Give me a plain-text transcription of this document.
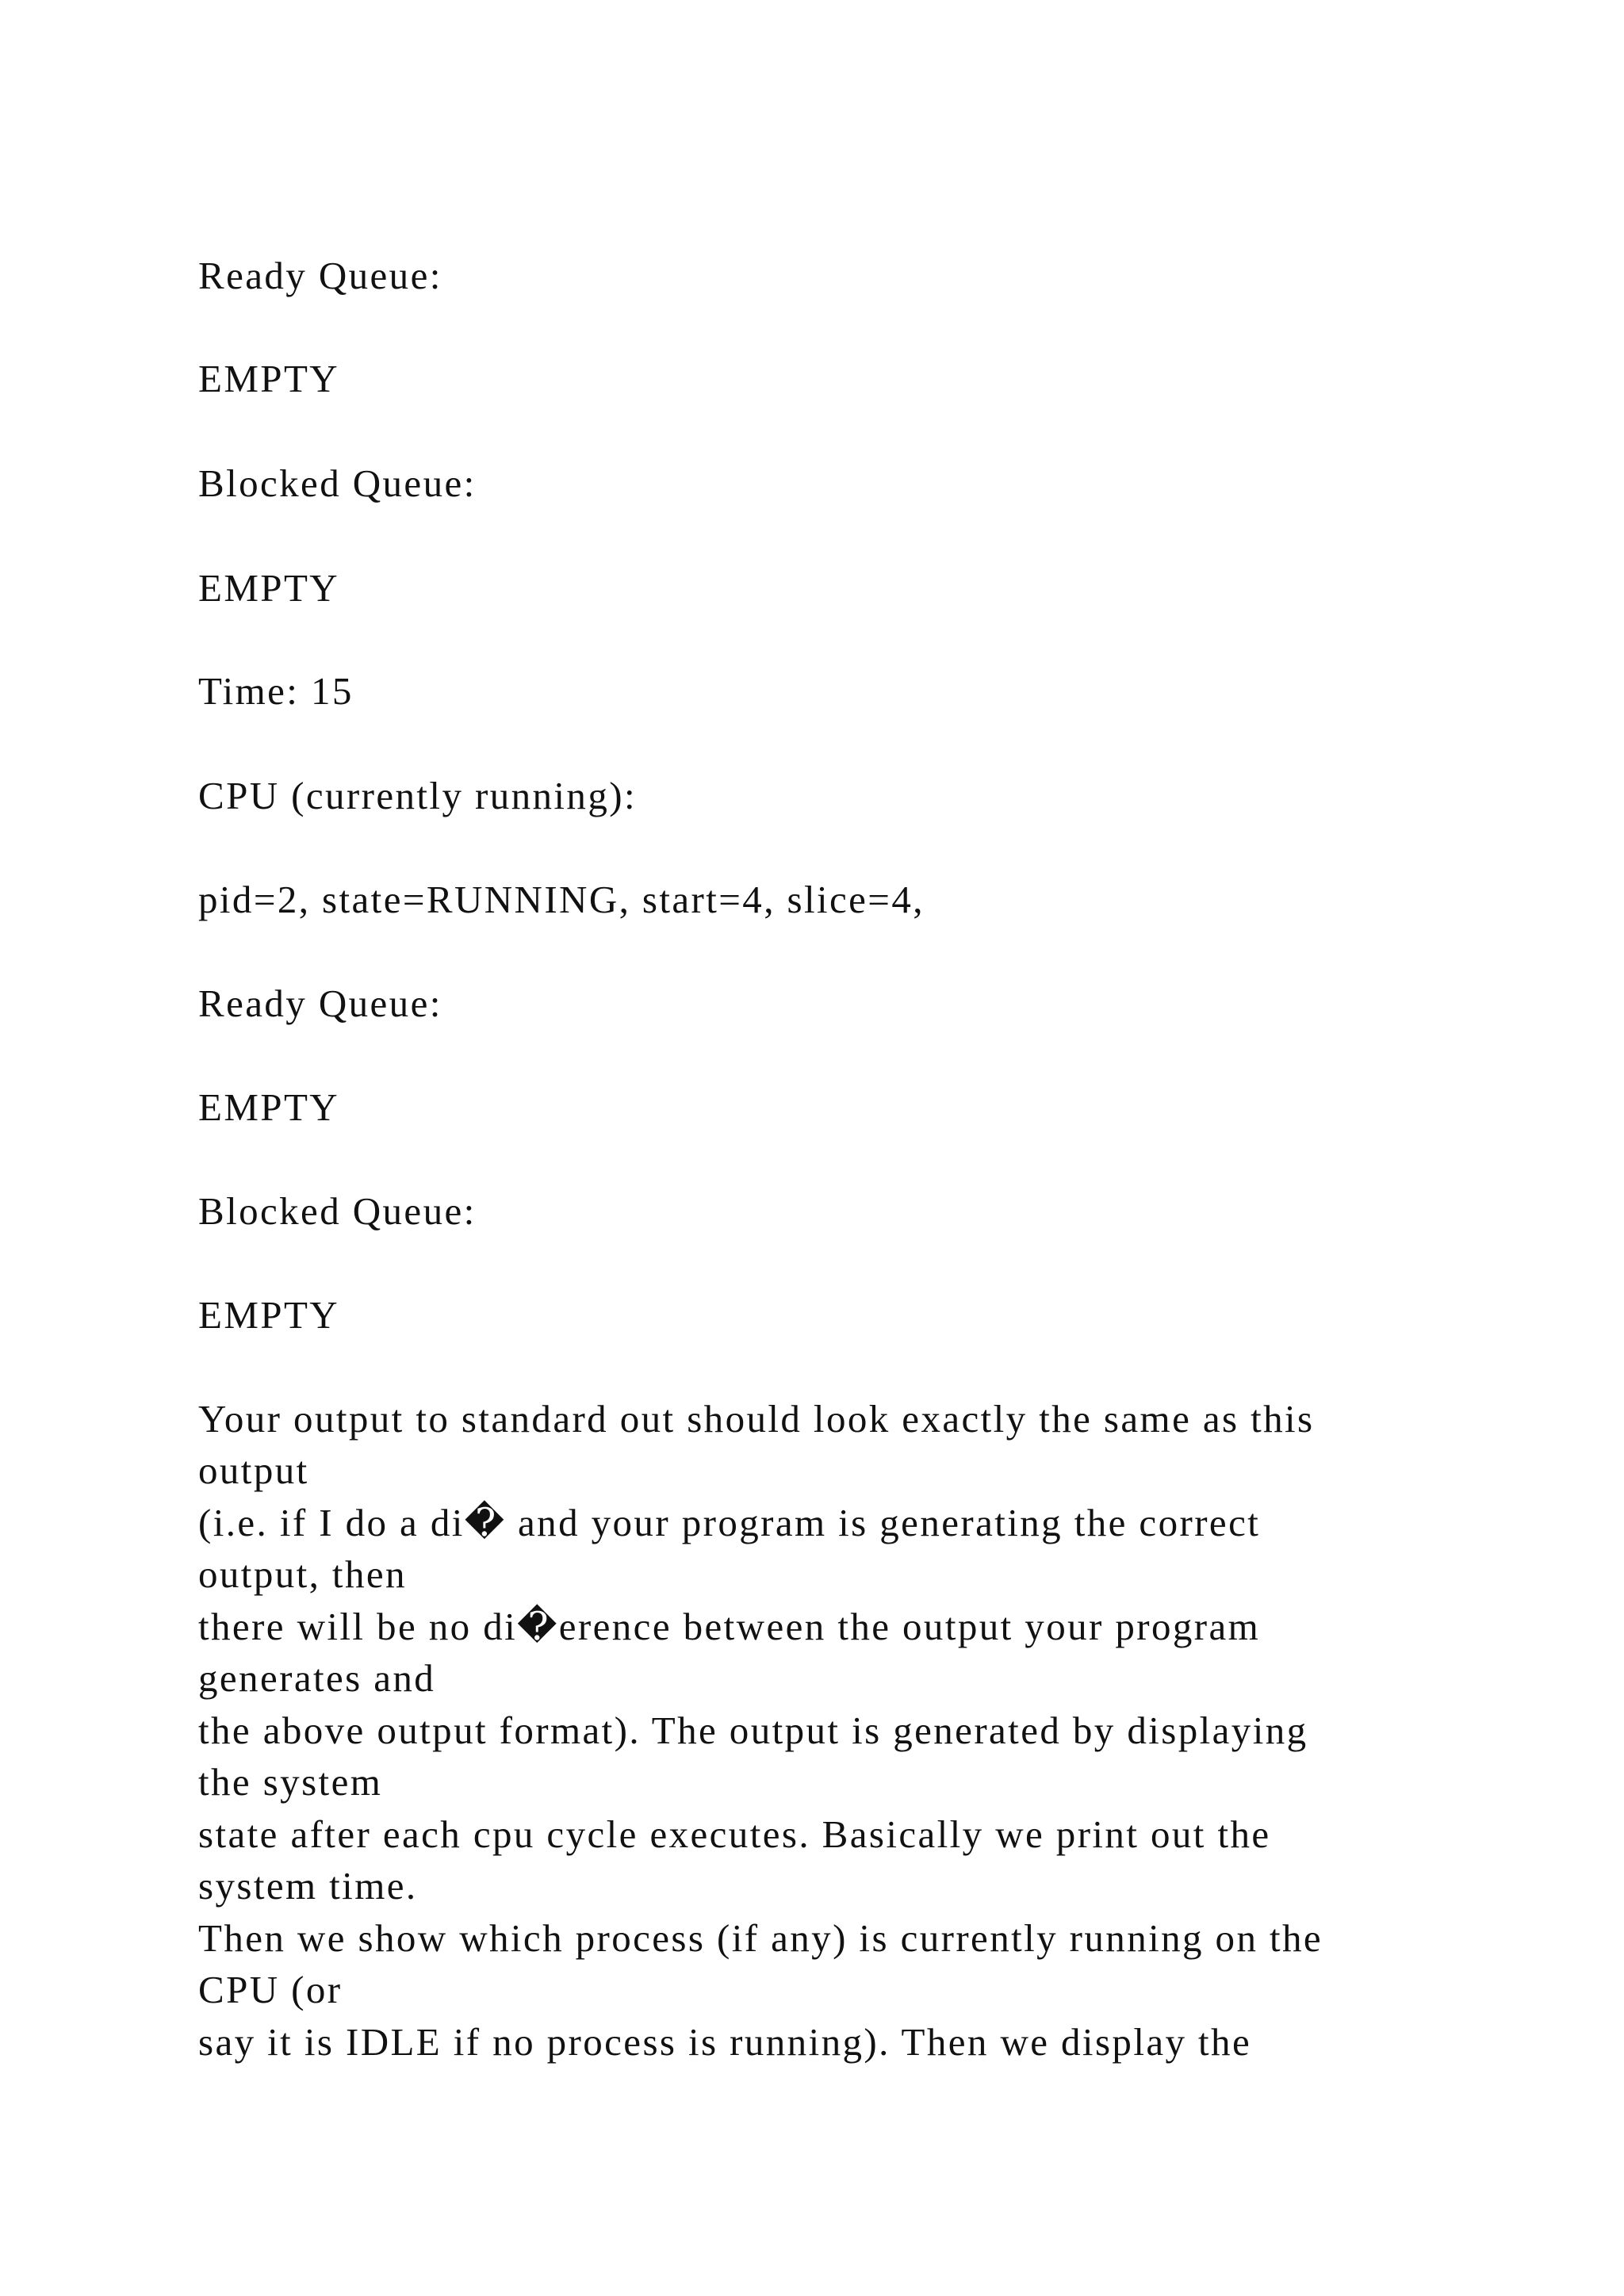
Ready Queue:

EMPTY

Blocked Queue:

EMPTY

Time: 15

CPU (currently running):

pid=2, state=RUNNING, start=4, slice=4,

Ready Queue:

EMPTY

Blocked Queue:

EMPTY

Your output to standard out should look exactly the same as this

output

(i.e. if I do a di� and your program is generating the correct

output, then

there will be no di�erence between the output your program

generates and

the above output format). The output is generated by displaying

the system

state after each cpu cycle executes. Basically we print out the

system time.

Then we show which process (if any) is currently running on the

CPU (or

say it is IDLE if no process is running). Then we display the
